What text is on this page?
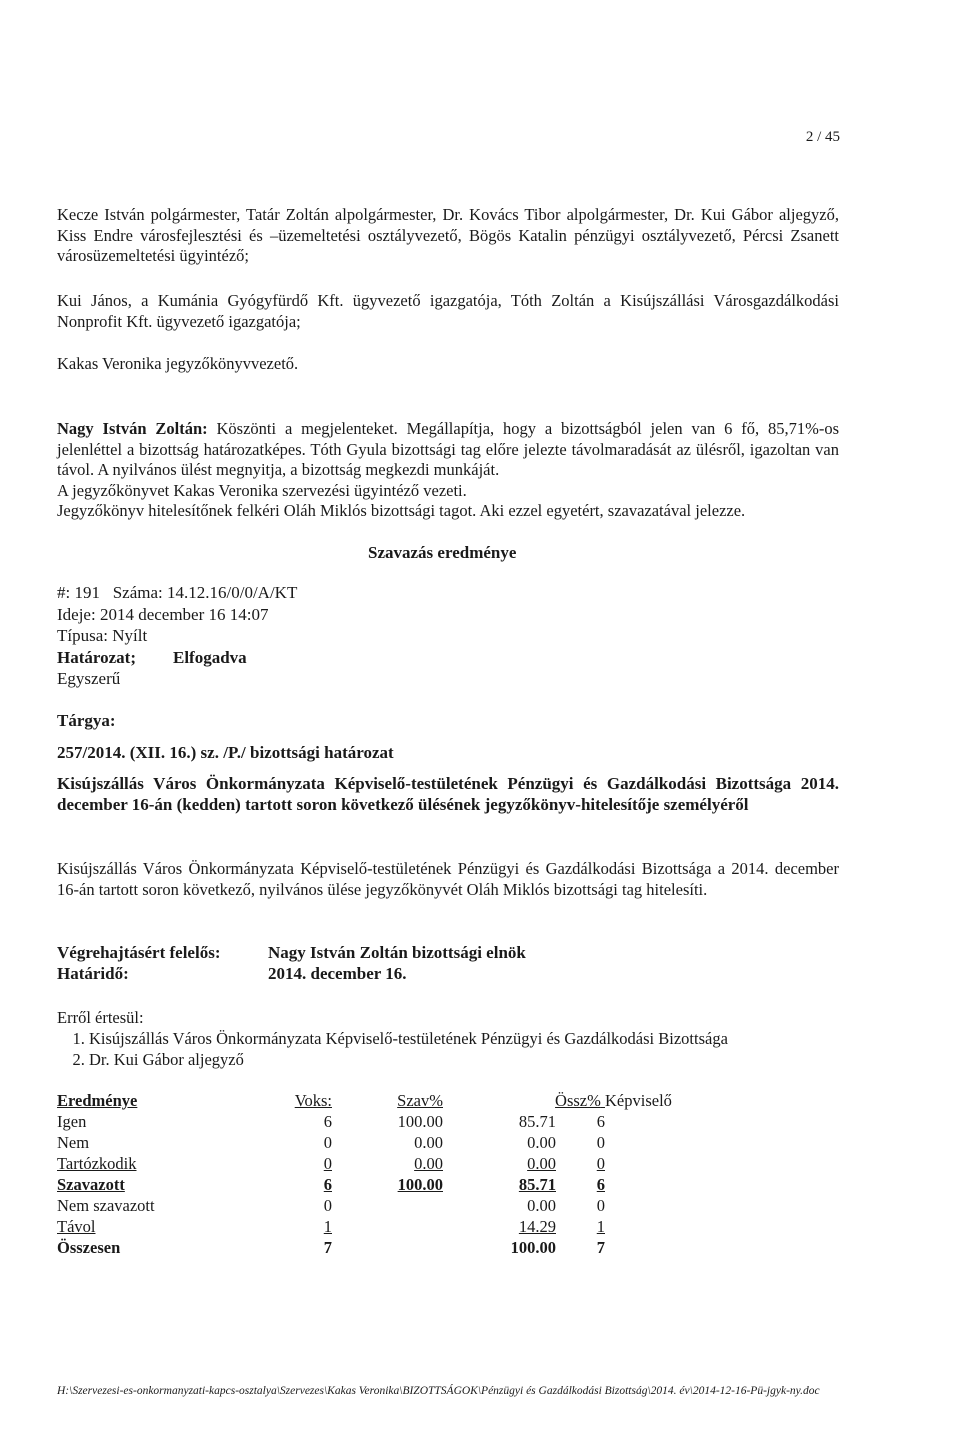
2 / 45

Kecze István polgármester, Tatár Zoltán alpolgármester, Dr. Kovács Tibor alpolgármester, Dr. Kui Gábor aljegyző, Kiss Endre városfejlesztési és –üzemeltetési osztályvezető, Bögös Katalin pénzügyi osztályvezető, Pércsi Zsanett városüzemeltetési ügyintéző;

Kui János, a Kumánia Gyógyfürdő Kft. ügyvezető igazgatója, Tóth Zoltán a Kisújszállási Városgazdálkodási Nonprofit Kft. ügyvezető igazgatója;

Kakas Veronika jegyzőkönyvvezető.

Nagy István Zoltán: Köszönti a megjelenteket. Megállapítja, hogy a bizottságból jelen van 6 fő, 85,71%-os jelenléttel a bizottság határozatképes. Tóth Gyula bizottsági tag előre jelezte távolmaradását az ülésről, igazoltan van távol. A nyilvános ülést megnyitja, a bizottság megkezdi munkáját.

A jegyzőkönyvet Kakas Veronika szervezési ügyintéző vezeti.

Jegyzőkönyv hitelesítőnek felkéri Oláh Miklós bizottsági tagot. Aki ezzel egyetért, szavazatával jelezze.

Szavazás eredménye
#: 191   Száma: 14.12.16/0/0/A/KT
Ideje: 2014 december 16 14:07
Típusa: Nyílt
Határozat; Elfogadva
Egyszerű
Tárgya:
257/2014. (XII. 16.) sz. /P./ bizottsági határozat
Kisújszállás Város Önkormányzata Képviselő-testületének Pénzügyi és Gazdálkodási Bizottsága 2014. december 16-án (kedden) tartott soron következő ülésének jegyzőkönyv-hitelesítője személyéről

Kisújszállás Város Önkormányzata Képviselő-testületének Pénzügyi és Gazdálkodási Bizottsága a 2014. december 16-án tartott soron következő, nyilvános ülése jegyzőkönyvét Oláh Miklós bizottsági tag hitelesíti.

Végrehajtásért felelős:	Nagy István Zoltán bizottsági elnök
Határidő:	2014. december 16.
Erről értesül:
1. Kisújszállás Város Önkormányzata Képviselő-testületének Pénzügyi és Gazdálkodási Bizottsága
2. Dr. Kui Gábor aljegyző
Eredménye	Voks:	Szav%	Össz% Képviselő	
Igen	6	100.00	85.71	6
Nem	0	0.00	0.00	0
Tartózkodik	0	0.00	0.00	0
Szavazott	6	100.00	85.71	6
Nem szavazott	0		0.00	0
Távol	1		14.29	1
Összesen	7		100.00	7
H:\Szervezesi-es-onkormanyzati-kapcs-osztalya\Szervezes\Kakas Veronika\BIZOTTSÁGOK\Pénzügyi és Gazdálkodási Bizottság\2014. év\2014-12-16-Pü-jgyk-ny.doc
